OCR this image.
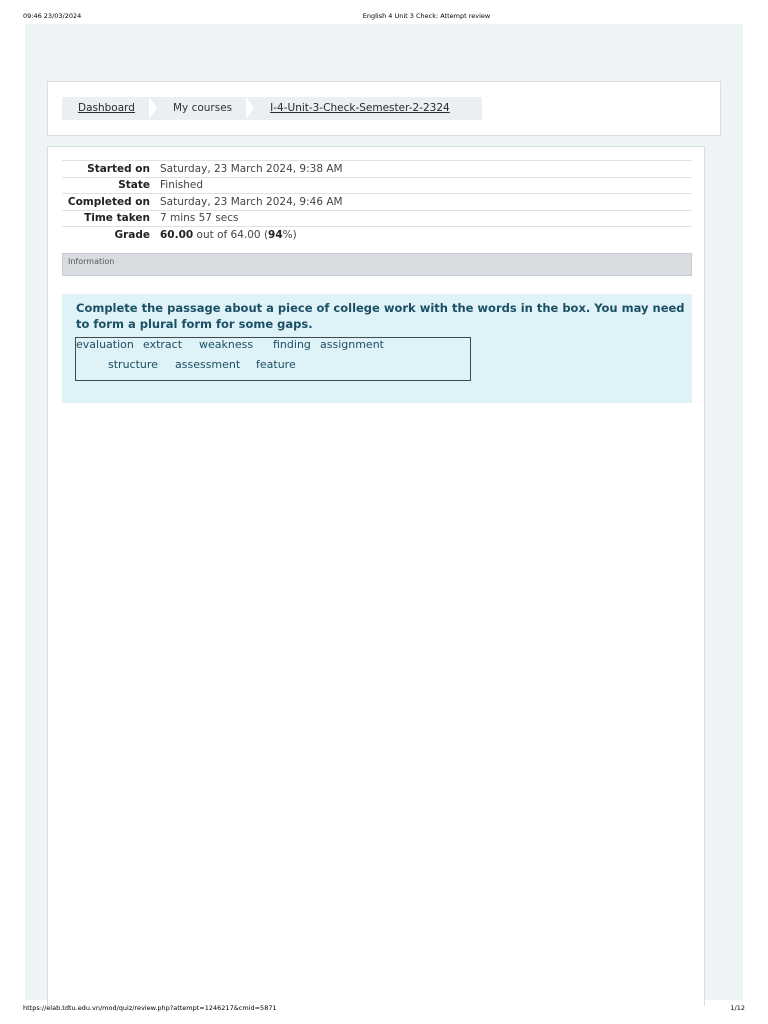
09:46 23/03/2024	English 4 Unit 3 Check: Attempt review
Dashboard	My courses	I-4-Unit-3-Check-Semester-2-2324
Started on	Saturday, 23 March 2024, 9:38 AM
State	Finished
Completed on	Saturday, 23 March 2024, 9:46 AM
Time taken	7 mins 57 secs
Grade	60.00 out of 64.00 (94%)
Information
Complete the passage about a piece of college work with the words in the box. You may need to form a plural form for some gaps.
evaluation extract weakness finding assignment
structure assessment feature
https://elab.tdtu.edu.vn/mod/quiz/review.php?attempt=1246217&cmid=5871	1/12
